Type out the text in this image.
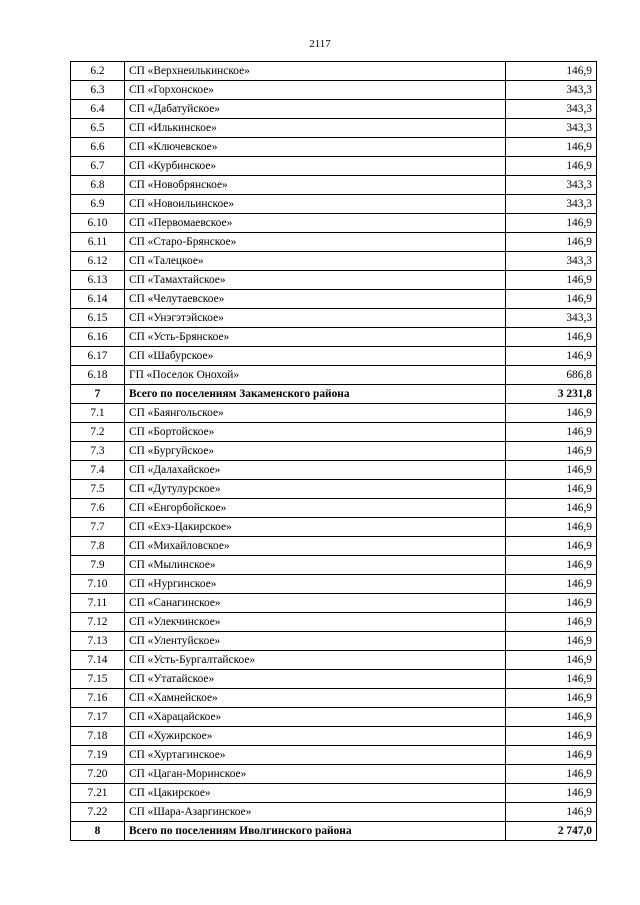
2117
6.2	СП «Верхнеилькинское»	146,9
6.3	СП «Горхонское»	343,3
6.4	СП «Дабатуйское»	343,3
6.5	СП «Илькинское»	343,3
6.6	СП «Ключевское»	146,9
6.7	СП «Курбинское»	146,9
6.8	СП «Новобрянское»	343,3
6.9	СП «Новоильинское»	343,3
6.10	СП «Первомаевское»	146,9
6.11	СП «Старо-Брянское»	146,9
6.12	СП «Талецкое»	343,3
6.13	СП «Тамахтайское»	146,9
6.14	СП «Челутаевское»	146,9
6.15	СП «Унэгэтэйское»	343,3
6.16	СП «Усть-Брянское»	146,9
6.17	СП «Шабурское»	146,9
6.18	ГП «Поселок Онохой»	686,8
7	Всего по поселениям Закаменского района	3 231,8
7.1	СП «Баянгольское»	146,9
7.2	СП «Бортойское»	146,9
7.3	СП «Бургуйское»	146,9
7.4	СП «Далахайское»	146,9
7.5	СП «Дутулурское»	146,9
7.6	СП «Енгорбойское»	146,9
7.7	СП «Ехэ-Цакирское»	146,9
7.8	СП «Михайловское»	146,9
7.9	СП «Мылинское»	146,9
7.10	СП «Нургинское»	146,9
7.11	СП «Санагинское»	146,9
7.12	СП «Улекчинское»	146,9
7.13	СП «Улентуйское»	146,9
7.14	СП «Усть-Бургалтайское»	146,9
7.15	СП «Утатайское»	146,9
7.16	СП «Хамнейское»	146,9
7.17	СП «Харацайское»	146,9
7.18	СП «Хужирское»	146,9
7.19	СП «Хуртагинское»	146,9
7.20	СП «Цаган-Моринское»	146,9
7.21	СП «Цакирское»	146,9
7.22	СП «Шара-Азаргинское»	146,9
8	Всего по поселениям Иволгинского района	2 747,0
